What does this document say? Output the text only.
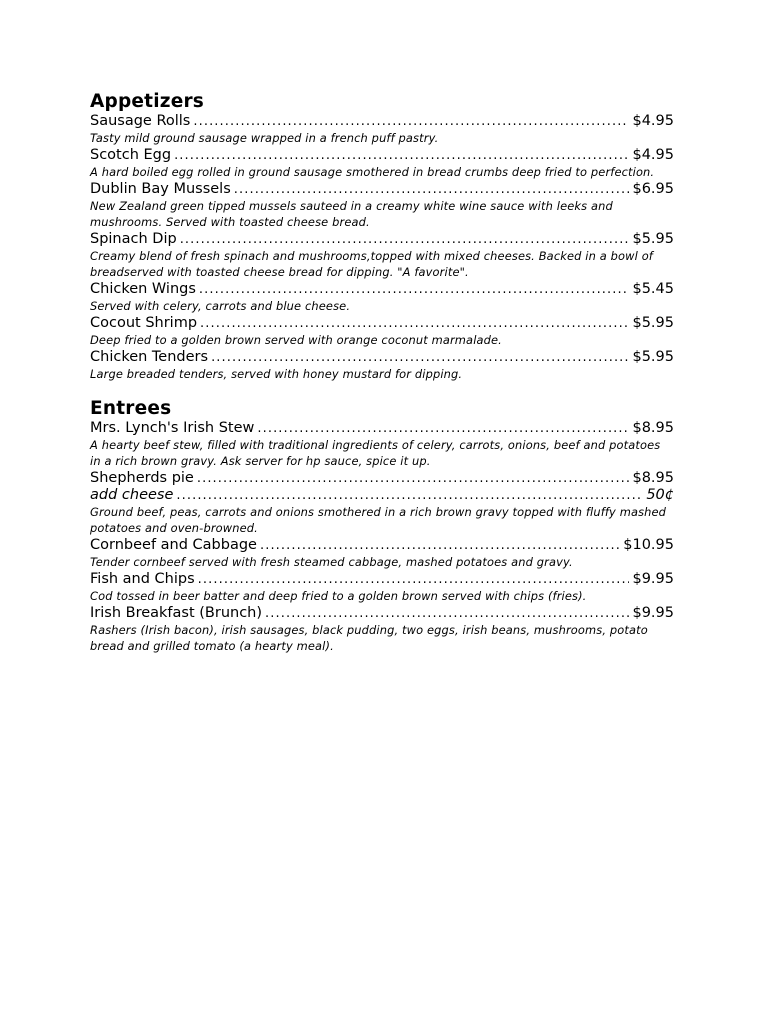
Appetizers
Sausage Rolls .....	$4.95
Tasty mild ground sausage wrapped in a french puff pastry.
Scotch Egg .....	$4.95
A hard boiled egg rolled in ground sausage smothered in bread crumbs deep fried to perfection.
Dublin Bay Mussels .....	$6.95
New Zealand green tipped mussels sauteed in a creamy white wine sauce with leeks and mushrooms. Served with toasted cheese bread.
Spinach Dip .....	$5.95
Creamy blend of fresh spinach and mushrooms,topped with mixed cheeses. Backed in a bowl of breadserved with toasted cheese bread for dipping. "A favorite".
Chicken Wings .....	$5.45
Served with celery, carrots and blue cheese.
Cocout Shrimp .....	$5.95
Deep fried to a golden brown served with orange coconut marmalade.
Chicken Tenders .....	$5.95
Large breaded tenders, served with honey mustard for dipping.
Entrees
Mrs. Lynch's Irish Stew .....	$8.95
A hearty beef stew, filled with traditional ingredients of celery, carrots, onions, beef and potatoes in a rich brown gravy. Ask server for hp sauce, spice it up.
Shepherds pie .....	$8.95
add cheese .....	50¢
Ground beef, peas, carrots and onions smothered in a rich brown gravy topped with fluffy mashed potatoes and oven-browned.
Cornbeef and Cabbage .....	$10.95
Tender cornbeef served with fresh steamed cabbage, mashed potatoes and gravy.
Fish and Chips .....	$9.95
Cod tossed in beer batter and deep fried to a golden brown served with chips (fries).
Irish Breakfast (Brunch) .....	$9.95
Rashers (Irish bacon), irish sausages, black pudding, two eggs, irish beans, mushrooms, potato bread and grilled tomato (a hearty meal).
